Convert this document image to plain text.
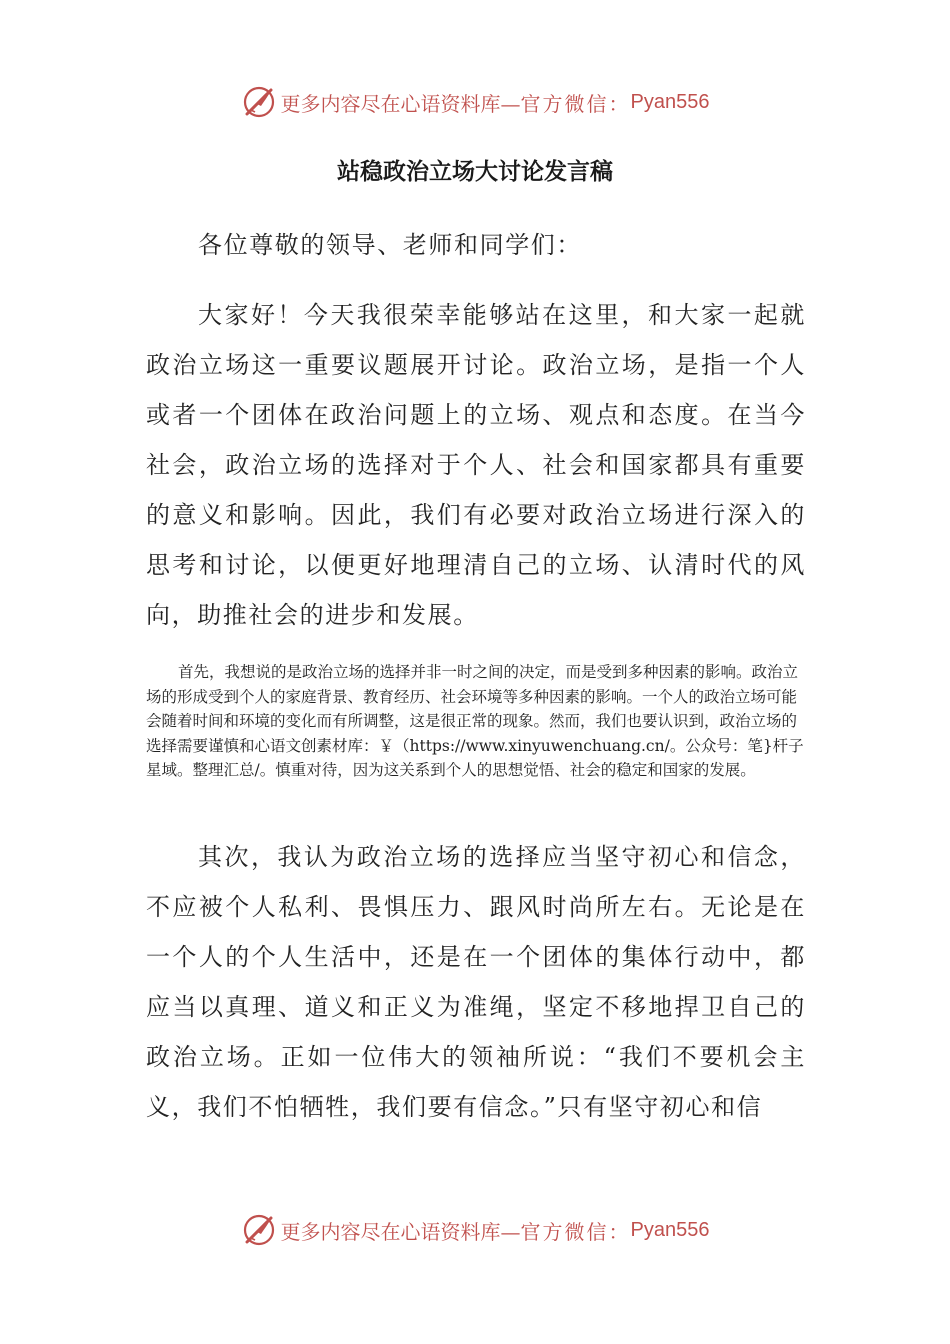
更多内容尽在心语资料库— 官方微信： Pyan556
站稳政治立场大讨论发言稿

各位尊敬的领导、老师和同学们：

大家好！今天我很荣幸能够站在这里，和大家一起就政治立场这一重要议题展开讨论。政治立场，是指一个人或者一个团体在政治问题上的立场、观点和态度。在当今社会，政治立场的选择对于个人、社会和国家都具有重要的意义和影响。因此，我们有必要对政治立场进行深入的思考和讨论，以便更好地理清自己的立场、认清时代的风向，助推社会的进步和发展。

首先，我想说的是政治立场的选择并非一时之间的决定，而是受到多种因素的影响。政治立场的形成受到个人的家庭背景、教育经历、社会环境等多种因素的影响。一个人的政治立场可能会随着时间和环境的变化而有所调整，这是很正常的现象。然而，我们也要认识到，政治立场的选择需要谨慎和心语文创素材库：￥（https://www.xinyuwenchuang.cn/。公众号：笔}杆子星域。整理汇总/。慎重对待，因为这关系到个人的思想觉悟、社会的稳定和国家的发展。

其次，我认为政治立场的选择应当坚守初心和信念，不应被个人私利、畏惧压力、跟风时尚所左右。无论是在一个人的个人生活中，还是在一个团体的集体行动中，都应当以真理、道义和正义为准绳，坚定不移地捍卫自己的政治立场。正如一位伟大的领袖所说：“我们不要机会主义，我们不怕牺牲，我们要有信念。”只有坚守初心和信

更多内容尽在心语资料库— 官方微信： Pyan556
